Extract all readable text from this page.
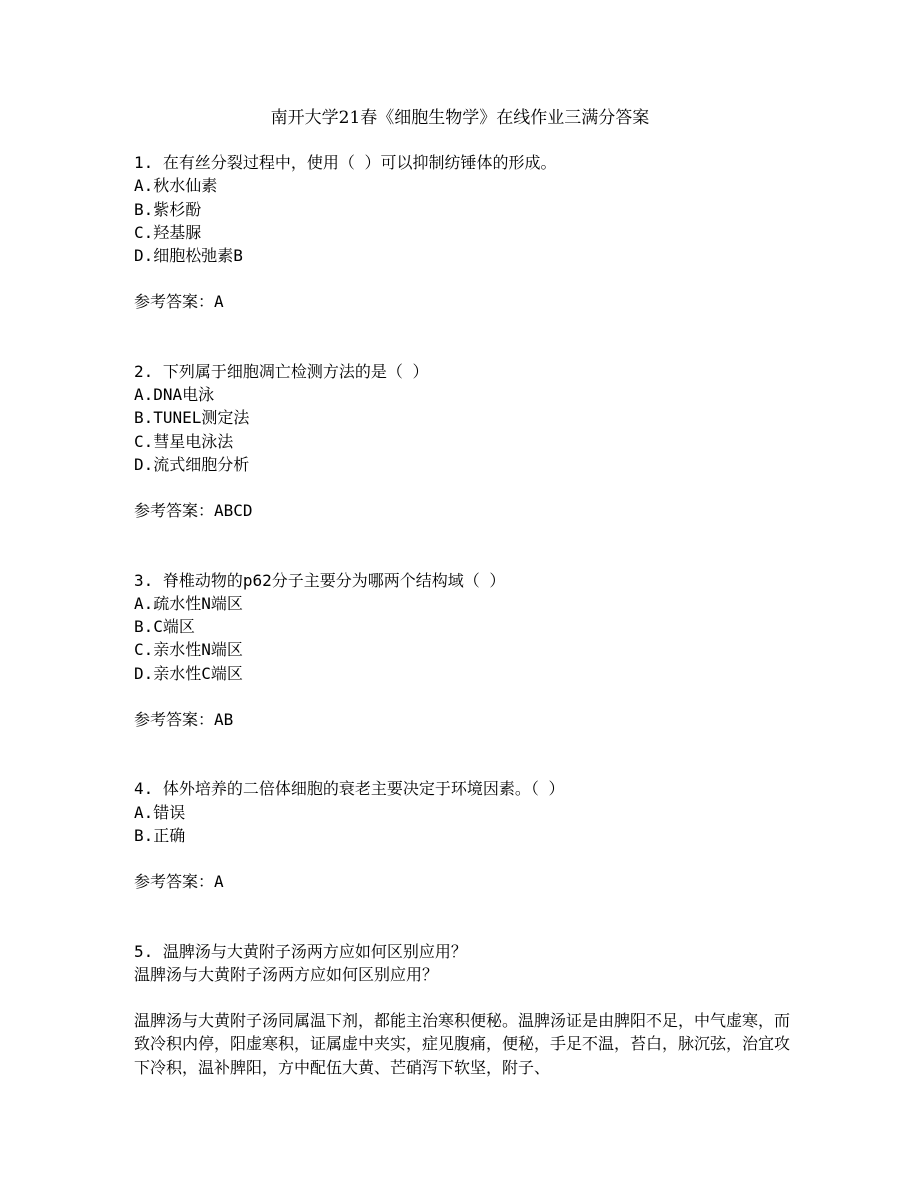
南开大学21春《细胞生物学》在线作业三满分答案
1. 在有丝分裂过程中，使用（ ）可以抑制纺锤体的形成。
A.秋水仙素
B.紫杉酚
C.羟基脲
D.细胞松弛素B
参考答案：A
2. 下列属于细胞凋亡检测方法的是（ ）
A.DNA电泳
B.TUNEL测定法
C.彗星电泳法
D.流式细胞分析
参考答案：ABCD
3. 脊椎动物的p62分子主要分为哪两个结构域（ ）
A.疏水性N端区
B.C端区
C.亲水性N端区
D.亲水性C端区
参考答案：AB
4. 体外培养的二倍体细胞的衰老主要决定于环境因素。（ ）
A.错误
B.正确
参考答案：A
5. 温脾汤与大黄附子汤两方应如何区别应用？
温脾汤与大黄附子汤两方应如何区别应用？
温脾汤与大黄附子汤同属温下剂，都能主治寒积便秘。温脾汤证是由脾阳不足，中气虚寒，而致冷积内停，阳虚寒积，证属虚中夹实，症见腹痛，便秘，手足不温，苔白，脉沉弦，治宜攻下冷积，温补脾阳，方中配伍大黄、芒硝泻下软坚，附子、
